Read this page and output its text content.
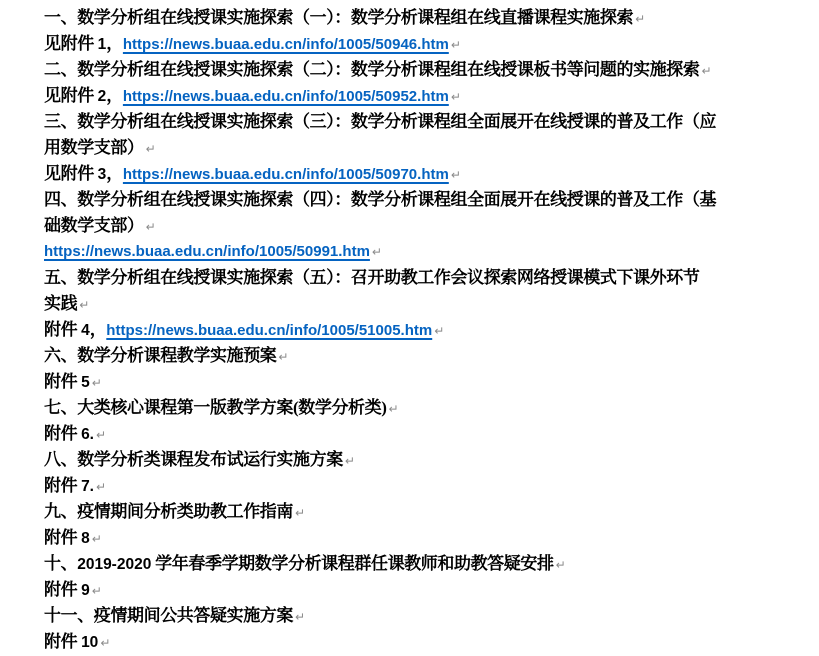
一、数学分析组在线授课实施探索（一）：数学分析课程组在线直播课程实施探索 ↵
见附件 1，https://news.buaa.edu.cn/info/1005/50946.htm ↵
二、数学分析组在线授课实施探索（二）：数学分析课程组在线授课板书等问题的实施探索 ↵
见附件 2，https://news.buaa.edu.cn/info/1005/50952.htm ↵
三、数学分析组在线授课实施探索（三）：数学分析课程组全面展开在线授课的普及工作（应
用数学支部） ↵
见附件 3，https://news.buaa.edu.cn/info/1005/50970.htm ↵
四、数学分析组在线授课实施探索（四）：数学分析课程组全面展开在线授课的普及工作（基
础数学支部） ↵
https://news.buaa.edu.cn/info/1005/50991.htm ↵
五、数学分析组在线授课实施探索（五）：召开助教工作会议探索网络授课模式下课外环节
实践 ↵
附件 4，https://news.buaa.edu.cn/info/1005/51005.htm ↵
六、数学分析课程教学实施预案 ↵
附件 5 ↵
七、大类核心课程第一版教学方案(数学分析类) ↵
附件 6. ↵
八、数学分析类课程发布试运行实施方案 ↵
附件 7. ↵
九、疫情期间分析类助教工作指南 ↵
附件 8 ↵
十、2019-2020 学年春季学期数学分析课程群任课教师和助教答疑安排 ↵
附件 9 ↵
十一、疫情期间公共答疑实施方案 ↵
附件 10 ↵
